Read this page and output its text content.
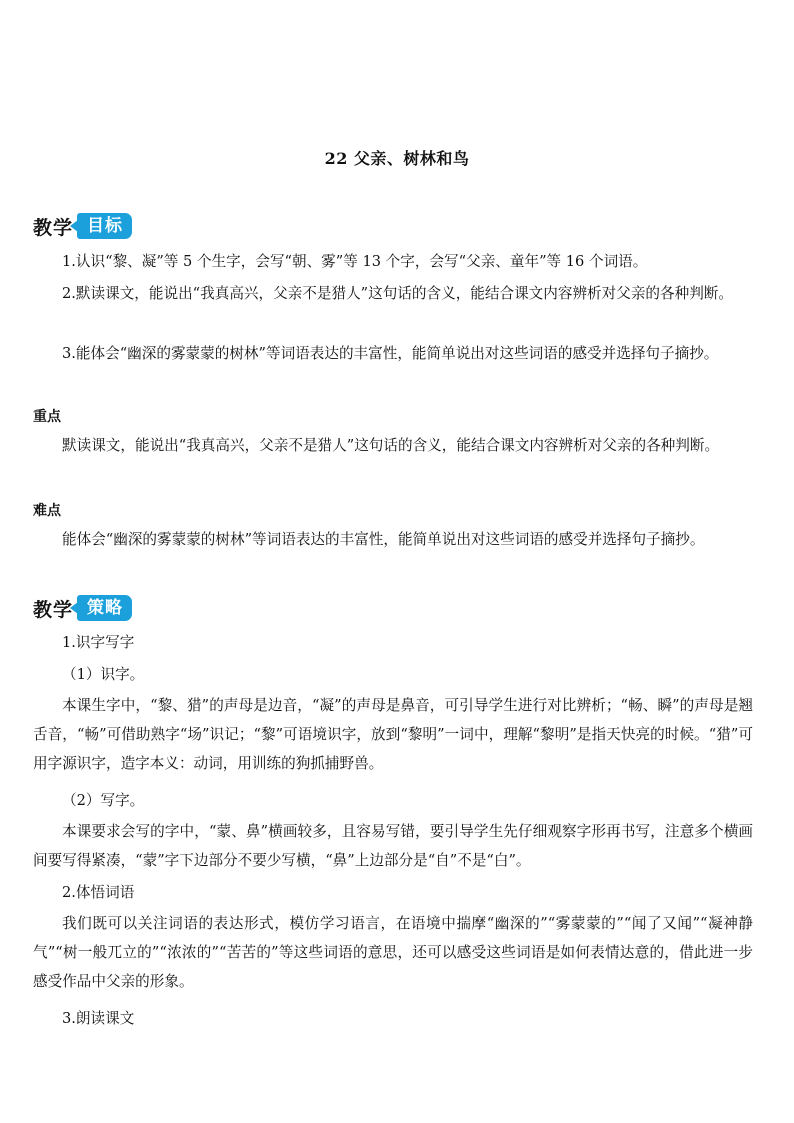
22 父亲、树林和鸟
教学 目标
1.认识“黎、凝”等 5 个生字，会写“朝、雾”等 13 个字，会写“父亲、童年”等 16 个词语。
2.默读课文，能说出“我真高兴，父亲不是猎人”这句话的含义，能结合课文内容辨析对父亲的各种判断。
3.能体会“幽深的雾蒙蒙的树林”等词语表达的丰富性，能简单说出对这些词语的感受并选择句子摘抄。
重点
默读课文，能说出“我真高兴，父亲不是猎人”这句话的含义，能结合课文内容辨析对父亲的各种判断。
难点
能体会“幽深的雾蒙蒙的树林”等词语表达的丰富性，能简单说出对这些词语的感受并选择句子摘抄。
教学 策略
1.识字写字
（1）识字。
本课生字中，“黎、猎”的声母是边音，“凝”的声母是鼻音，可引导学生进行对比辨析；“畅、瞬”的声母是翘舌音，“畅”可借助熟字“场”识记；“黎”可语境识字，放到“黎明”一词中，理解“黎明”是指天快亮的时候。“猎”可用字源识字，造字本义：动词，用训练的狗抓捕野兽。
（2）写字。
本课要求会写的字中，“蒙、鼻”横画较多，且容易写错，要引导学生先仔细观察字形再书写，注意多个横画间要写得紧凑，“蒙”字下边部分不要少写横，“鼻”上边部分是“自”不是“白”。
2.体悟词语
我们既可以关注词语的表达形式，模仿学习语言，在语境中揣摩“幽深的”“雾蒙蒙的”“闻了又闻”“凝神静气”“树一般兀立的”“浓浓的”“苦苦的”等这些词语的意思，还可以感受这些词语是如何表情达意的，借此进一步感受作品中父亲的形象。
3.朗读课文
